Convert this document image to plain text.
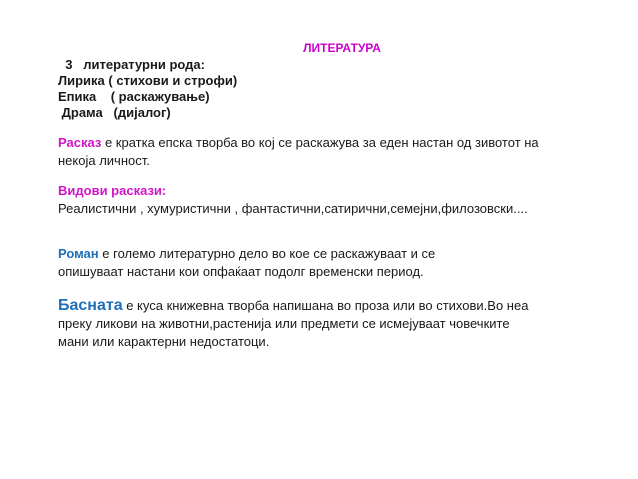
ЛИТЕРАТУРА
3   литературни рода:
Лирика ( стихови и строфи)
Епика    ( раскажување)
Драма   (дијалог)
Расказ е кратка епска творба во кој се раскажува за еден настан од зивотот на
некоја личност.
Видови раскази:
Реалистични , хумуристични , фантастични,сатирични,семејни,филозовски....
Роман е големо литературно дело во кое се раскажуваат и се
опишуваат настани кои опфаќаат подолг временски период.
Басната е куса книжевна творба напишана во проза или во стихови.Во неа
преку ликови на животни,растенија или предмети се исмејуваат човечките
мани или карактерни недостатоци.
